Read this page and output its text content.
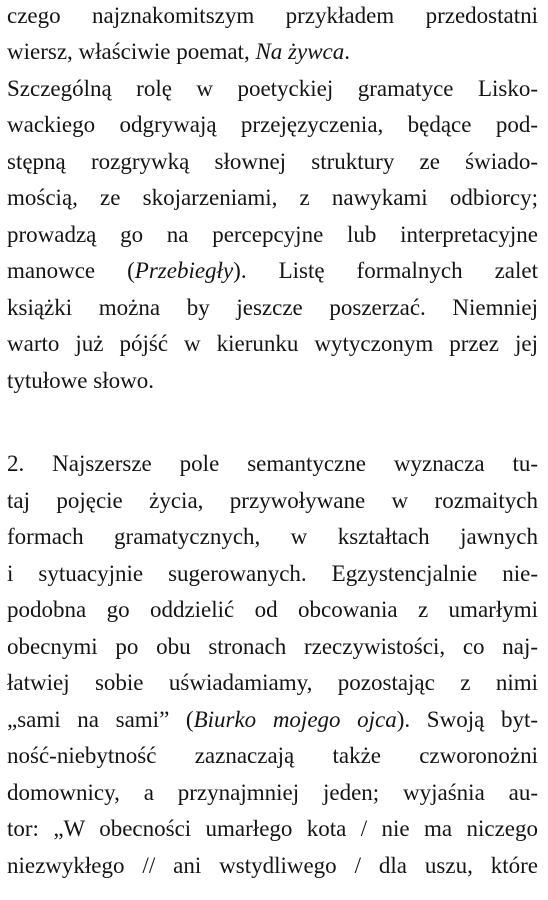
czego najznakomitszym przykładem przedostatni
wiersz, właściwie poemat, Na żywca.
Szczególną rolę w poetyckiej gramatyce Lisko-
wackiego odgrywają przejęzyczenia, będące pod-
stępną rozgrywką słownej struktury ze świado-
mością, ze skojarzeniami, z nawykami odbiorcy;
prowadzą go na percepcyjne lub interpretacyjne
manowce (Przebiegły). Listę formalnych zalet
książki można by jeszcze poszerzać. Niemniej
warto już pójść w kierunku wytyczonym przez jej
tytułowe słowo.
2. Najszersze pole semantyczne wyznacza tu-
taj pojęcie życia, przywoływane w rozmaitych
formach gramatycznych, w kształtach jawnych
i sytuacyjnie sugerowanych. Egzystencjalnie nie-
podobna go oddzielić od obcowania z umarłymi
obecnymi po obu stronach rzeczywistości, co naj-
łatwiej sobie uświadamiamy, pozostając z nimi
„sami na sami” (Biurko mojego ojca). Swoją byt-
ność-niebytność zaznaczają także czworonożni
domownicy, a przynajmniej jeden; wyjaśnia au-
tor: „W obecności umarłego kota / nie ma niczego
niezwykłego // ani wstydliwego / dla uszu, które
